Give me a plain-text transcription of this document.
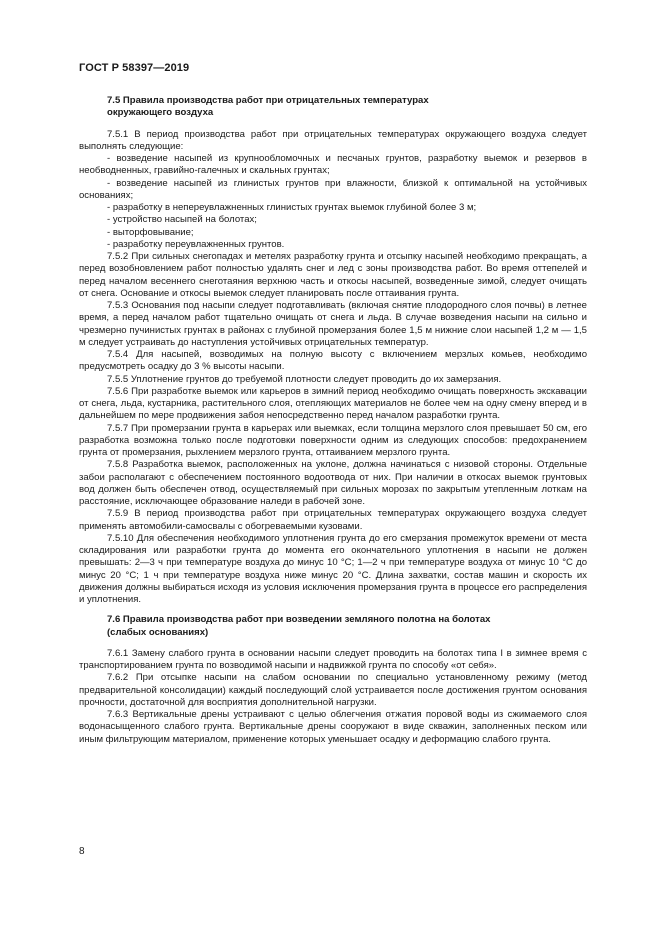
ГОСТ Р 58397—2019
7.5 Правила производства работ при отрицательных температурах
окружающего воздуха

7.5.1 В период производства работ при отрицательных температурах окружающего воздуха следует выполнять следующие:

- возведение насыпей из крупнообломочных и песчаных грунтов, разработку выемок и резервов в необводненных, гравийно-галечных и скальных грунтах;

- возведение насыпей из глинистых грунтов при влажности, близкой к оптимальной на устойчивых основаниях;

- разработку в непереувлажненных глинистых грунтах выемок глубиной более 3 м;

- устройство насыпей на болотах;

- выторфовывание;

- разработку переувлажненных грунтов.

7.5.2 При сильных снегопадах и метелях разработку грунта и отсыпку насыпей необходимо прекращать, а перед возобновлением работ полностью удалять снег и лед с зоны производства работ. Во время оттепелей и перед началом весеннего снеготаяния верхнюю часть и откосы насыпей, возведенные зимой, следует очищать от снега. Основание и откосы выемок следует планировать после оттаивания грунта.

7.5.3 Основания под насыпи следует подготавливать (включая снятие плодородного слоя почвы) в летнее время, а перед началом работ тщательно очищать от снега и льда. В случае возведения насыпи на сильно и чрезмерно пучинистых грунтах в районах с глубиной промерзания более 1,5 м нижние слои насыпей 1,2 м — 1,5 м следует устраивать до наступления устойчивых отрицательных температур.

7.5.4 Для насыпей, возводимых на полную высоту с включением мерзлых комьев, необходимо предусмотреть осадку до 3 % высоты насыпи.

7.5.5 Уплотнение грунтов до требуемой плотности следует проводить до их замерзания.

7.5.6 При разработке выемок или карьеров в зимний период необходимо очищать поверхность экскавации от снега, льда, кустарника, растительного слоя, отепляющих материалов не более чем на одну смену вперед и в дальнейшем по мере продвижения забоя непосредственно перед началом разработки грунта.

7.5.7 При промерзании грунта в карьерах или выемках, если толщина мерзлого слоя превышает 50 см, его разработка возможна только после подготовки поверхности одним из следующих способов: предохранением грунта от промерзания, рыхлением мерзлого грунта, оттаиванием мерзлого грунта.

7.5.8 Разработка выемок, расположенных на уклоне, должна начинаться с низовой стороны. Отдельные забои располагают с обеспечением постоянного водоотвода от них. При наличии в откосах выемок грунтовых вод должен быть обеспечен отвод, осуществляемый при сильных морозах по закрытым утепленным лоткам на расстояние, исключающее образование наледи в рабочей зоне.

7.5.9 В период производства работ при отрицательных температурах окружающего воздуха следует применять автомобили-самосвалы с обогреваемыми кузовами.

7.5.10 Для обеспечения необходимого уплотнения грунта до его смерзания промежуток времени от места складирования или разработки грунта до момента его окончательного уплотнения в насыпи не должен превышать: 2—3 ч при температуре воздуха до минус 10 °С; 1—2 ч при температуре воздуха от минус 10 °С до минус 20 °С; 1 ч при температуре воздуха ниже минус 20 °С. Длина захватки, состав машин и скорость их движения должны выбираться исходя из условия исключения промерзания грунта в процессе его распределения и уплотнения.

7.6 Правила производства работ при возведении земляного полотна на болотах
(слабых основаниях)

7.6.1 Замену слабого грунта в основании насыпи следует проводить на болотах типа I в зимнее время с транспортированием грунта по возводимой насыпи и надвижкой грунта по способу «от себя».

7.6.2 При отсыпке насыпи на слабом основании по специально установленному режиму (метод предварительной консолидации) каждый последующий слой устраивается после достижения грунтом основания прочности, достаточной для восприятия дополнительной нагрузки.

7.6.3 Вертикальные дрены устраивают с целью облегчения отжатия поровой воды из сжимаемого слоя водонасыщенного слабого грунта. Вертикальные дрены сооружают в виде скважин, заполненных песком или иным фильтрующим материалом, применение которых уменьшает осадку и деформацию слабого грунта.

8
